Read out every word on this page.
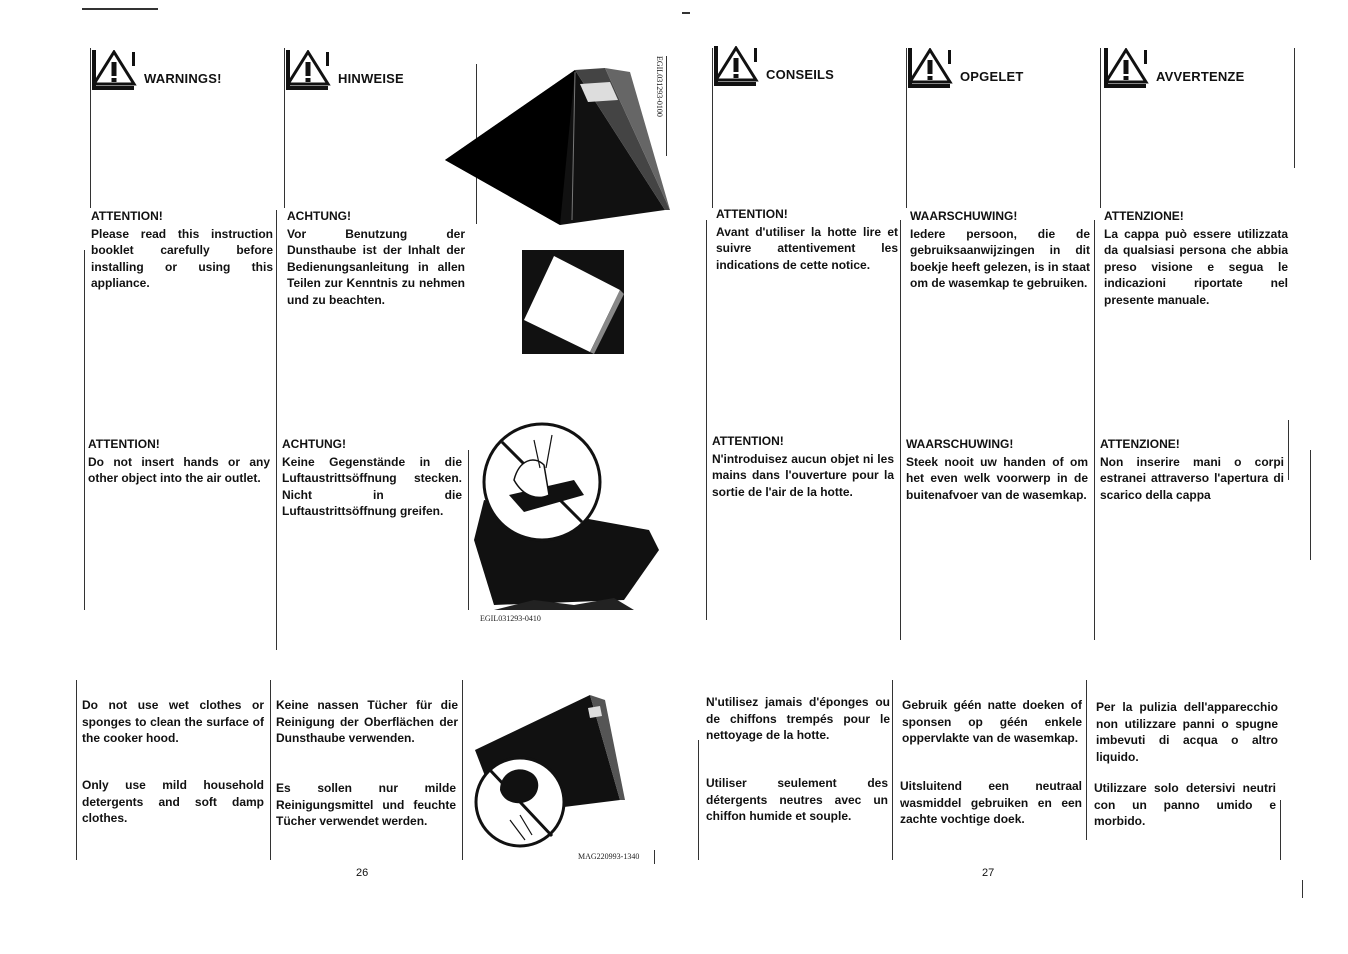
WARNINGS!	HINWEISE	CONSEILS	OPGELET	AVVERTENZE
ATTENTION!
Please read this instruction booklet carefully before installing or using this appliance.
ATTENTION!
Do not insert hands or any other object into the air outlet.
Do not use wet clothes or sponges to clean the surface of the cooker hood.
Only use mild household detergents and soft damp clothes.
ACHTUNG!
Vor Benutzung der Dunsthaube ist der Inhalt der Bedienungsanleitung in allen Teilen zur Kenntnis zu nehmen und zu beachten.
ACHTUNG!
Keine Gegenstände in die Luftaustrittsöffnung stecken. Nicht in die Luftaustrittsöffnung greifen.
Keine nassen Tücher für die Reinigung der Oberflächen der Dunsthaube verwenden.
Es sollen nur milde Reinigungsmittel und feuchte Tücher verwendet werden.
EGIL031293-0100
EGIL031293-0410
MAG220993-1340
26
ATTENTION!
Avant d'utiliser la hotte lire et suivre attentivement les indications de cette notice.
ATTENTION!
N'introduisez aucun objet ni les mains dans l'ouverture pour la sortie de l'air de la hotte.
N'utilisez jamais d'éponges ou de chiffons trempés pour le nettoyage de la hotte.
Utiliser seulement des détergents neutres avec un chiffon humide et souple.
WAARSCHUWING!
Iedere persoon, die de gebruiksaanwijzingen in dit boekje heeft gelezen, is in staat om de wasemkap te gebruiken.
WAARSCHUWING!
Steek nooit uw handen of om het even welk voorwerp in de buitenafvoer van de wasemkap.
Gebruik géén natte doeken of sponsen op géén enkele oppervlakte van de wasemkap.
Uitsluitend een neutraal wasmiddel gebruiken en een zachte vochtige doek.
ATTENZIONE!
La cappa può essere utilizzata da qualsiasi persona che abbia preso visione e segua le indicazioni riportate nel presente manuale.
ATTENZIONE!
Non inserire mani o corpi estranei attraverso l'apertura di scarico della cappa
Per la pulizia dell'apparecchio non utilizzare panni o spugne imbevuti di acqua o altro liquido.
Utilizzare solo detersivi neutri con un panno umido e morbido.
27
